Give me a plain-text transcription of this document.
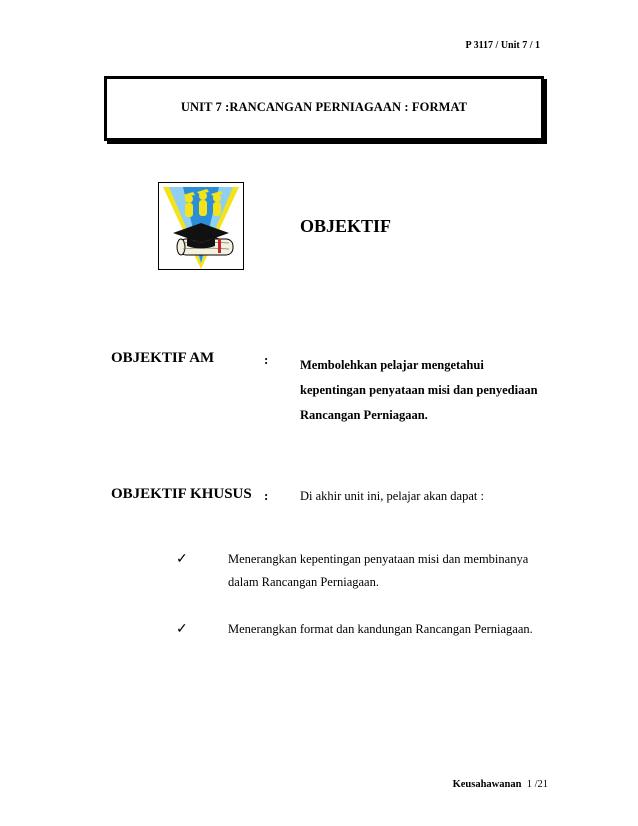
P 3117 / Unit 7 / 1
UNIT 7 :RANCANGAN PERNIAGAAN : FORMAT
OBJEKTIF
OBJEKTIF AM	:	Membolehkan pelajar mengetahui
kepentingan penyataan misi dan penyediaan
Rancangan Perniagaan.
OBJEKTIF KHUSUS :	Di akhir unit ini, pelajar akan dapat :
✓	Menerangkan kepentingan penyataan misi dan membinanya
dalam Rancangan Perniagaan.
✓	Menerangkan format dan kandungan Rancangan Perniagaan.
Keusahawanan 1 /21
